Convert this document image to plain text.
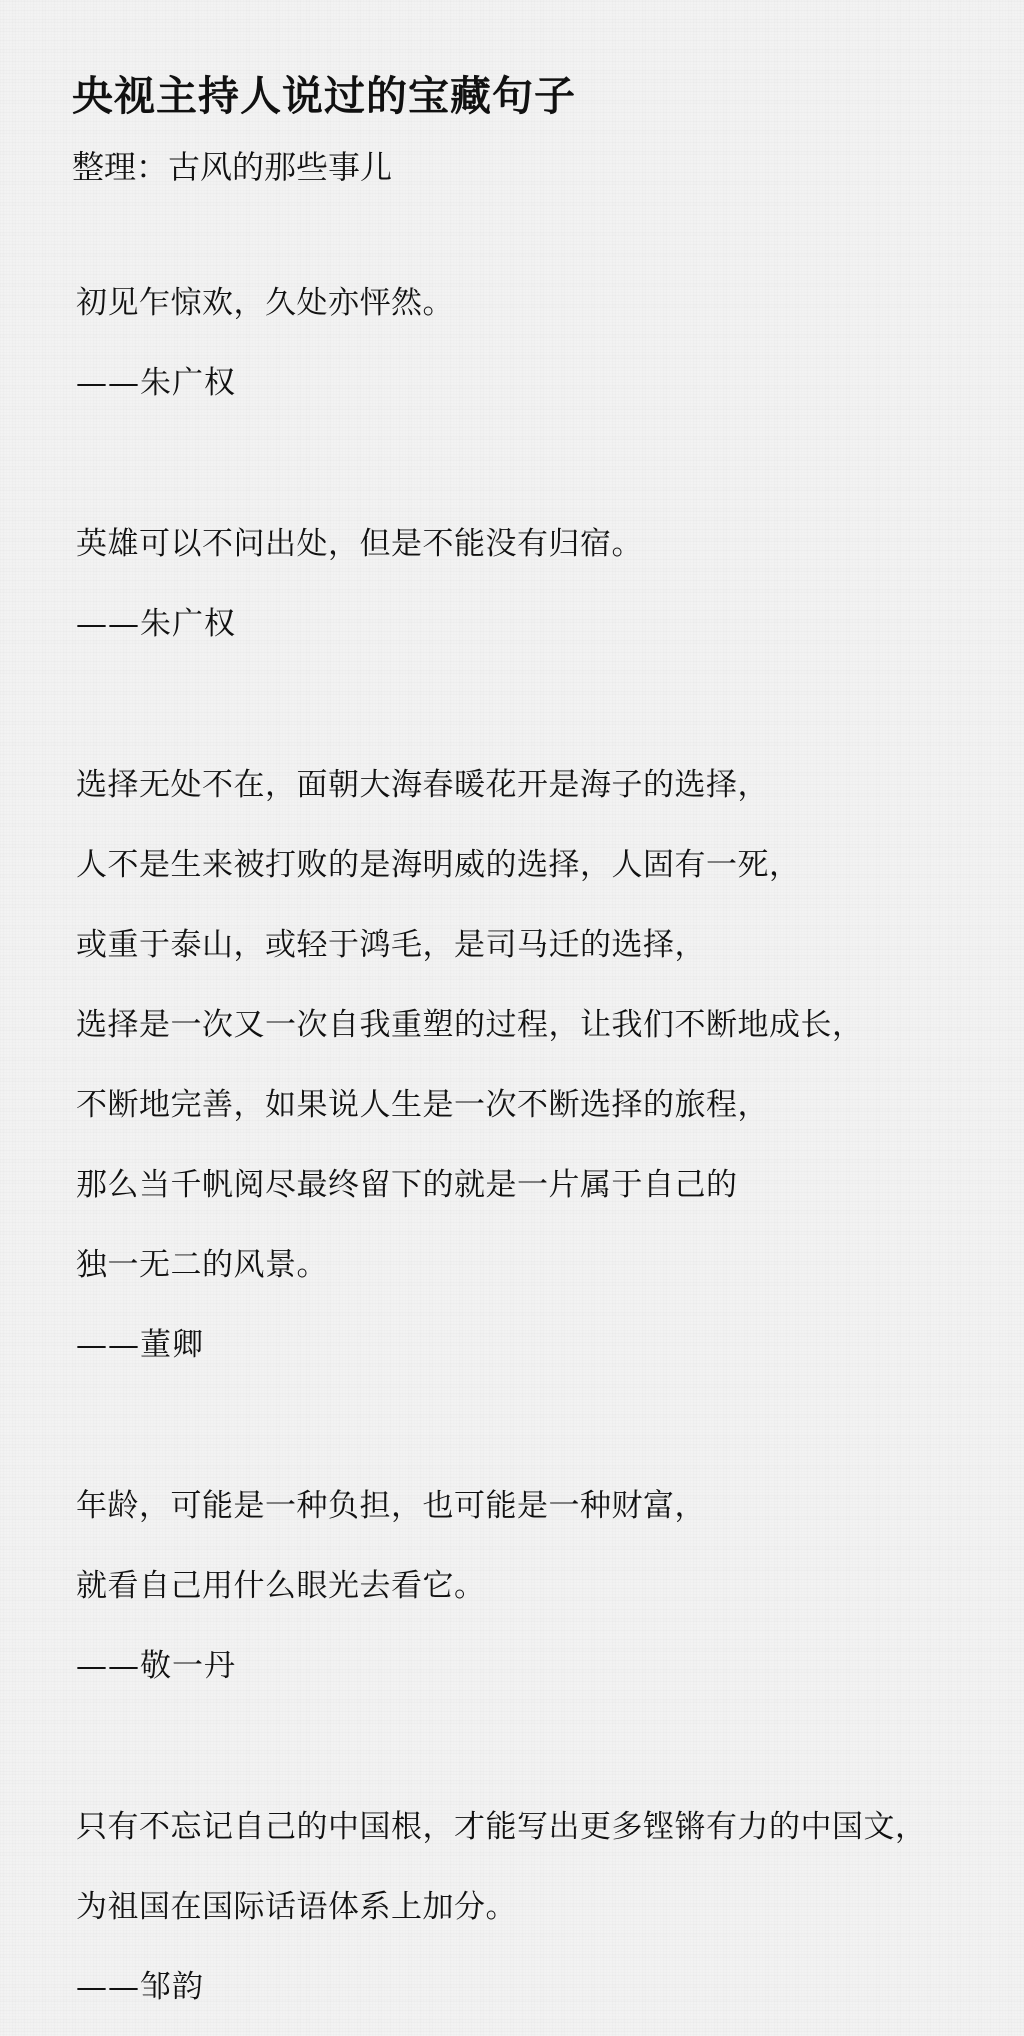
央视主持人说过的宝藏句子
整理：古风的那些事儿
初见乍惊欢，久处亦怦然。
——朱广权
英雄可以不问出处，但是不能没有归宿。
——朱广权
选择无处不在，面朝大海春暖花开是海子的选择，
人不是生来被打败的是海明威的选择，人固有一死，
或重于泰山，或轻于鸿毛，是司马迁的选择，
选择是一次又一次自我重塑的过程，让我们不断地成长，
不断地完善，如果说人生是一次不断选择的旅程，
那么当千帆阅尽最终留下的就是一片属于自己的
独一无二的风景。
——董卿
年龄，可能是一种负担，也可能是一种财富，
就看自己用什么眼光去看它。
——敬一丹
只有不忘记自己的中国根，才能写出更多铿锵有力的中国文，
为祖国在国际话语体系上加分。
——邹韵
